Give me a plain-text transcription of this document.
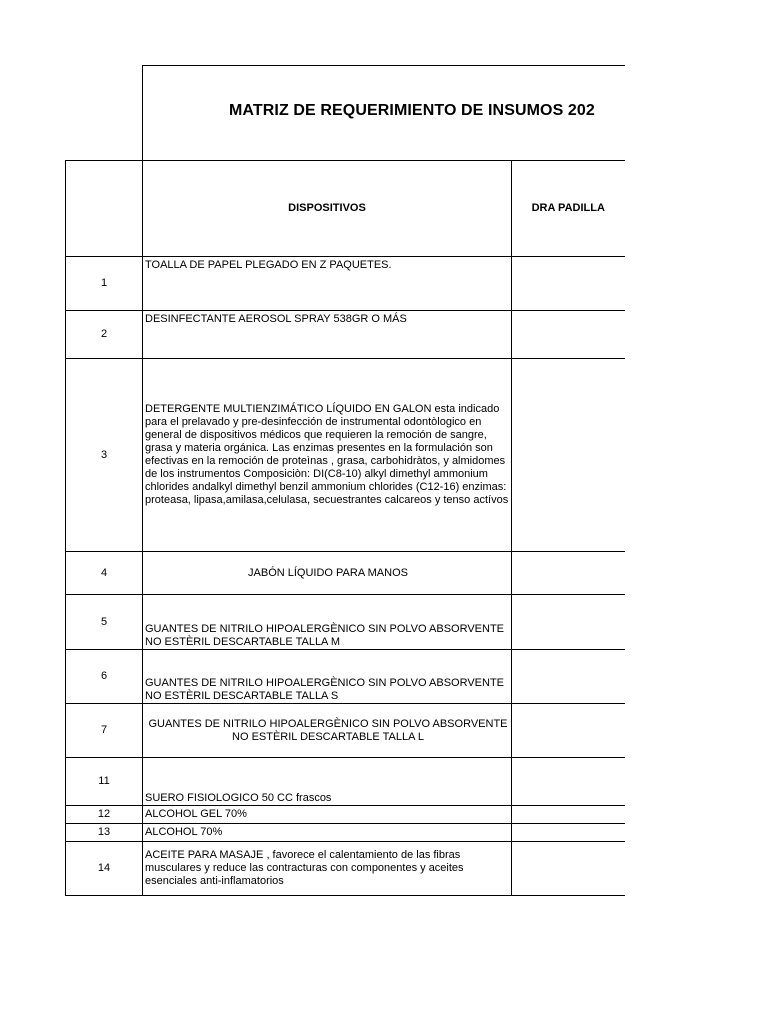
MATRIZ DE REQUERIMIENTO DE INSUMOS 202
	DISPOSITIVOS	DRA PADILLA
1	TOALLA DE PAPEL PLEGADO EN Z PAQUETES.	
2	DESINFECTANTE AEROSOL SPRAY 538GR O MÁS	
3	DETERGENTE MULTIENZIMÁTICO LÍQUIDO EN GALON esta indicado para el prelavado y pre-desinfección de instrumental odontòlogico en general de dispositivos médicos que requieren la remoción de sangre, grasa y materia orgánica. Las enzimas presentes en la formulación son efectivas en la remoción de proteìnas , grasa, carbohidràtos, y almidomes de los instrumentos Composiciòn: DI(C8-10) alkyl dimethyl ammonium chlorides andalkyl dimethyl benzil ammonium chlorides (C12-16) enzimas: proteasa, lipasa,amilasa,celulasa, secuestrantes calcareos y tenso actívos	
4	JABÓN LÍQUIDO PARA MANOS	
5	GUANTES DE NITRILO HIPOALERGÈNICO SIN POLVO ABSORVENTE NO ESTÈRIL DESCARTABLE TALLA M	
6	GUANTES DE NITRILO HIPOALERGÈNICO SIN POLVO ABSORVENTE NO ESTÈRIL DESCARTABLE TALLA S	
7	GUANTES DE NITRILO HIPOALERGÈNICO SIN POLVO ABSORVENTE NO ESTÈRIL DESCARTABLE TALLA L	
11	SUERO FISIOLOGICO 50 CC frascos	
12	ALCOHOL GEL 70%	
13	ALCOHOL 70%	
14	ACEITE PARA MASAJE , favorece el calentamiento de las fibras musculares y reduce las contracturas con componentes y aceites esenciales anti-inflamatorios	
